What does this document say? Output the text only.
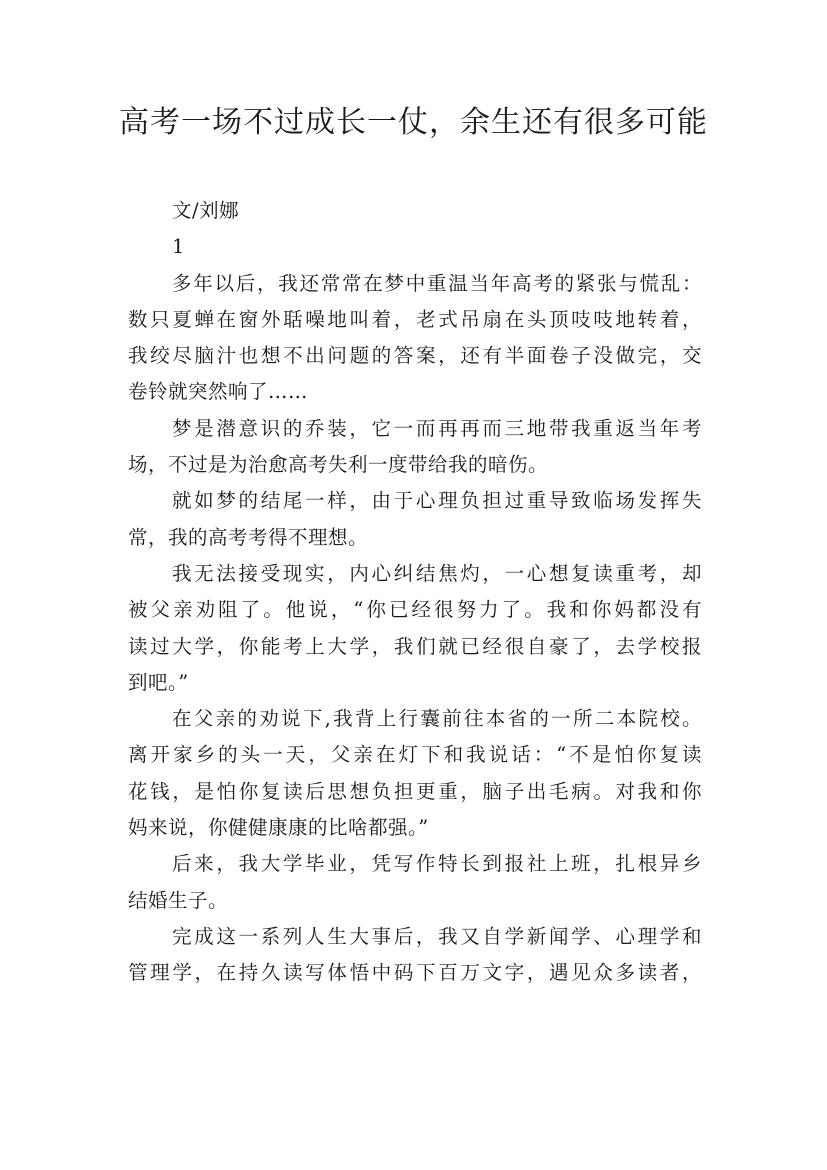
高考一场不过成长一仗，余生还有很多可能
文/刘娜
1
多年以后，我还常常在梦中重温当年高考的紧张与慌乱：
数只夏蝉在窗外聒噪地叫着，老式吊扇在头顶吱吱地转着，
我绞尽脑汁也想不出问题的答案，还有半面卷子没做完，交
卷铃就突然响了……
梦是潜意识的乔装，它一而再再而三地带我重返当年考
场，不过是为治愈高考失利一度带给我的暗伤。
就如梦的结尾一样，由于心理负担过重导致临场发挥失
常，我的高考考得不理想。
我无法接受现实，内心纠结焦灼，一心想复读重考，却
被父亲劝阻了。他说，“你已经很努力了。我和你妈都没有
读过大学，你能考上大学，我们就已经很自豪了，去学校报
到吧。”
在父亲的劝说下,我背上行囊前往本省的一所二本院校。
离开家乡的头一天，父亲在灯下和我说话：“不是怕你复读
花钱，是怕你复读后思想负担更重，脑子出毛病。对我和你
妈来说，你健健康康的比啥都强。”
后来，我大学毕业，凭写作特长到报社上班，扎根异乡
结婚生子。
完成这一系列人生大事后，我又自学新闻学、心理学和
管理学，在持久读写体悟中码下百万文字，遇见众多读者，
